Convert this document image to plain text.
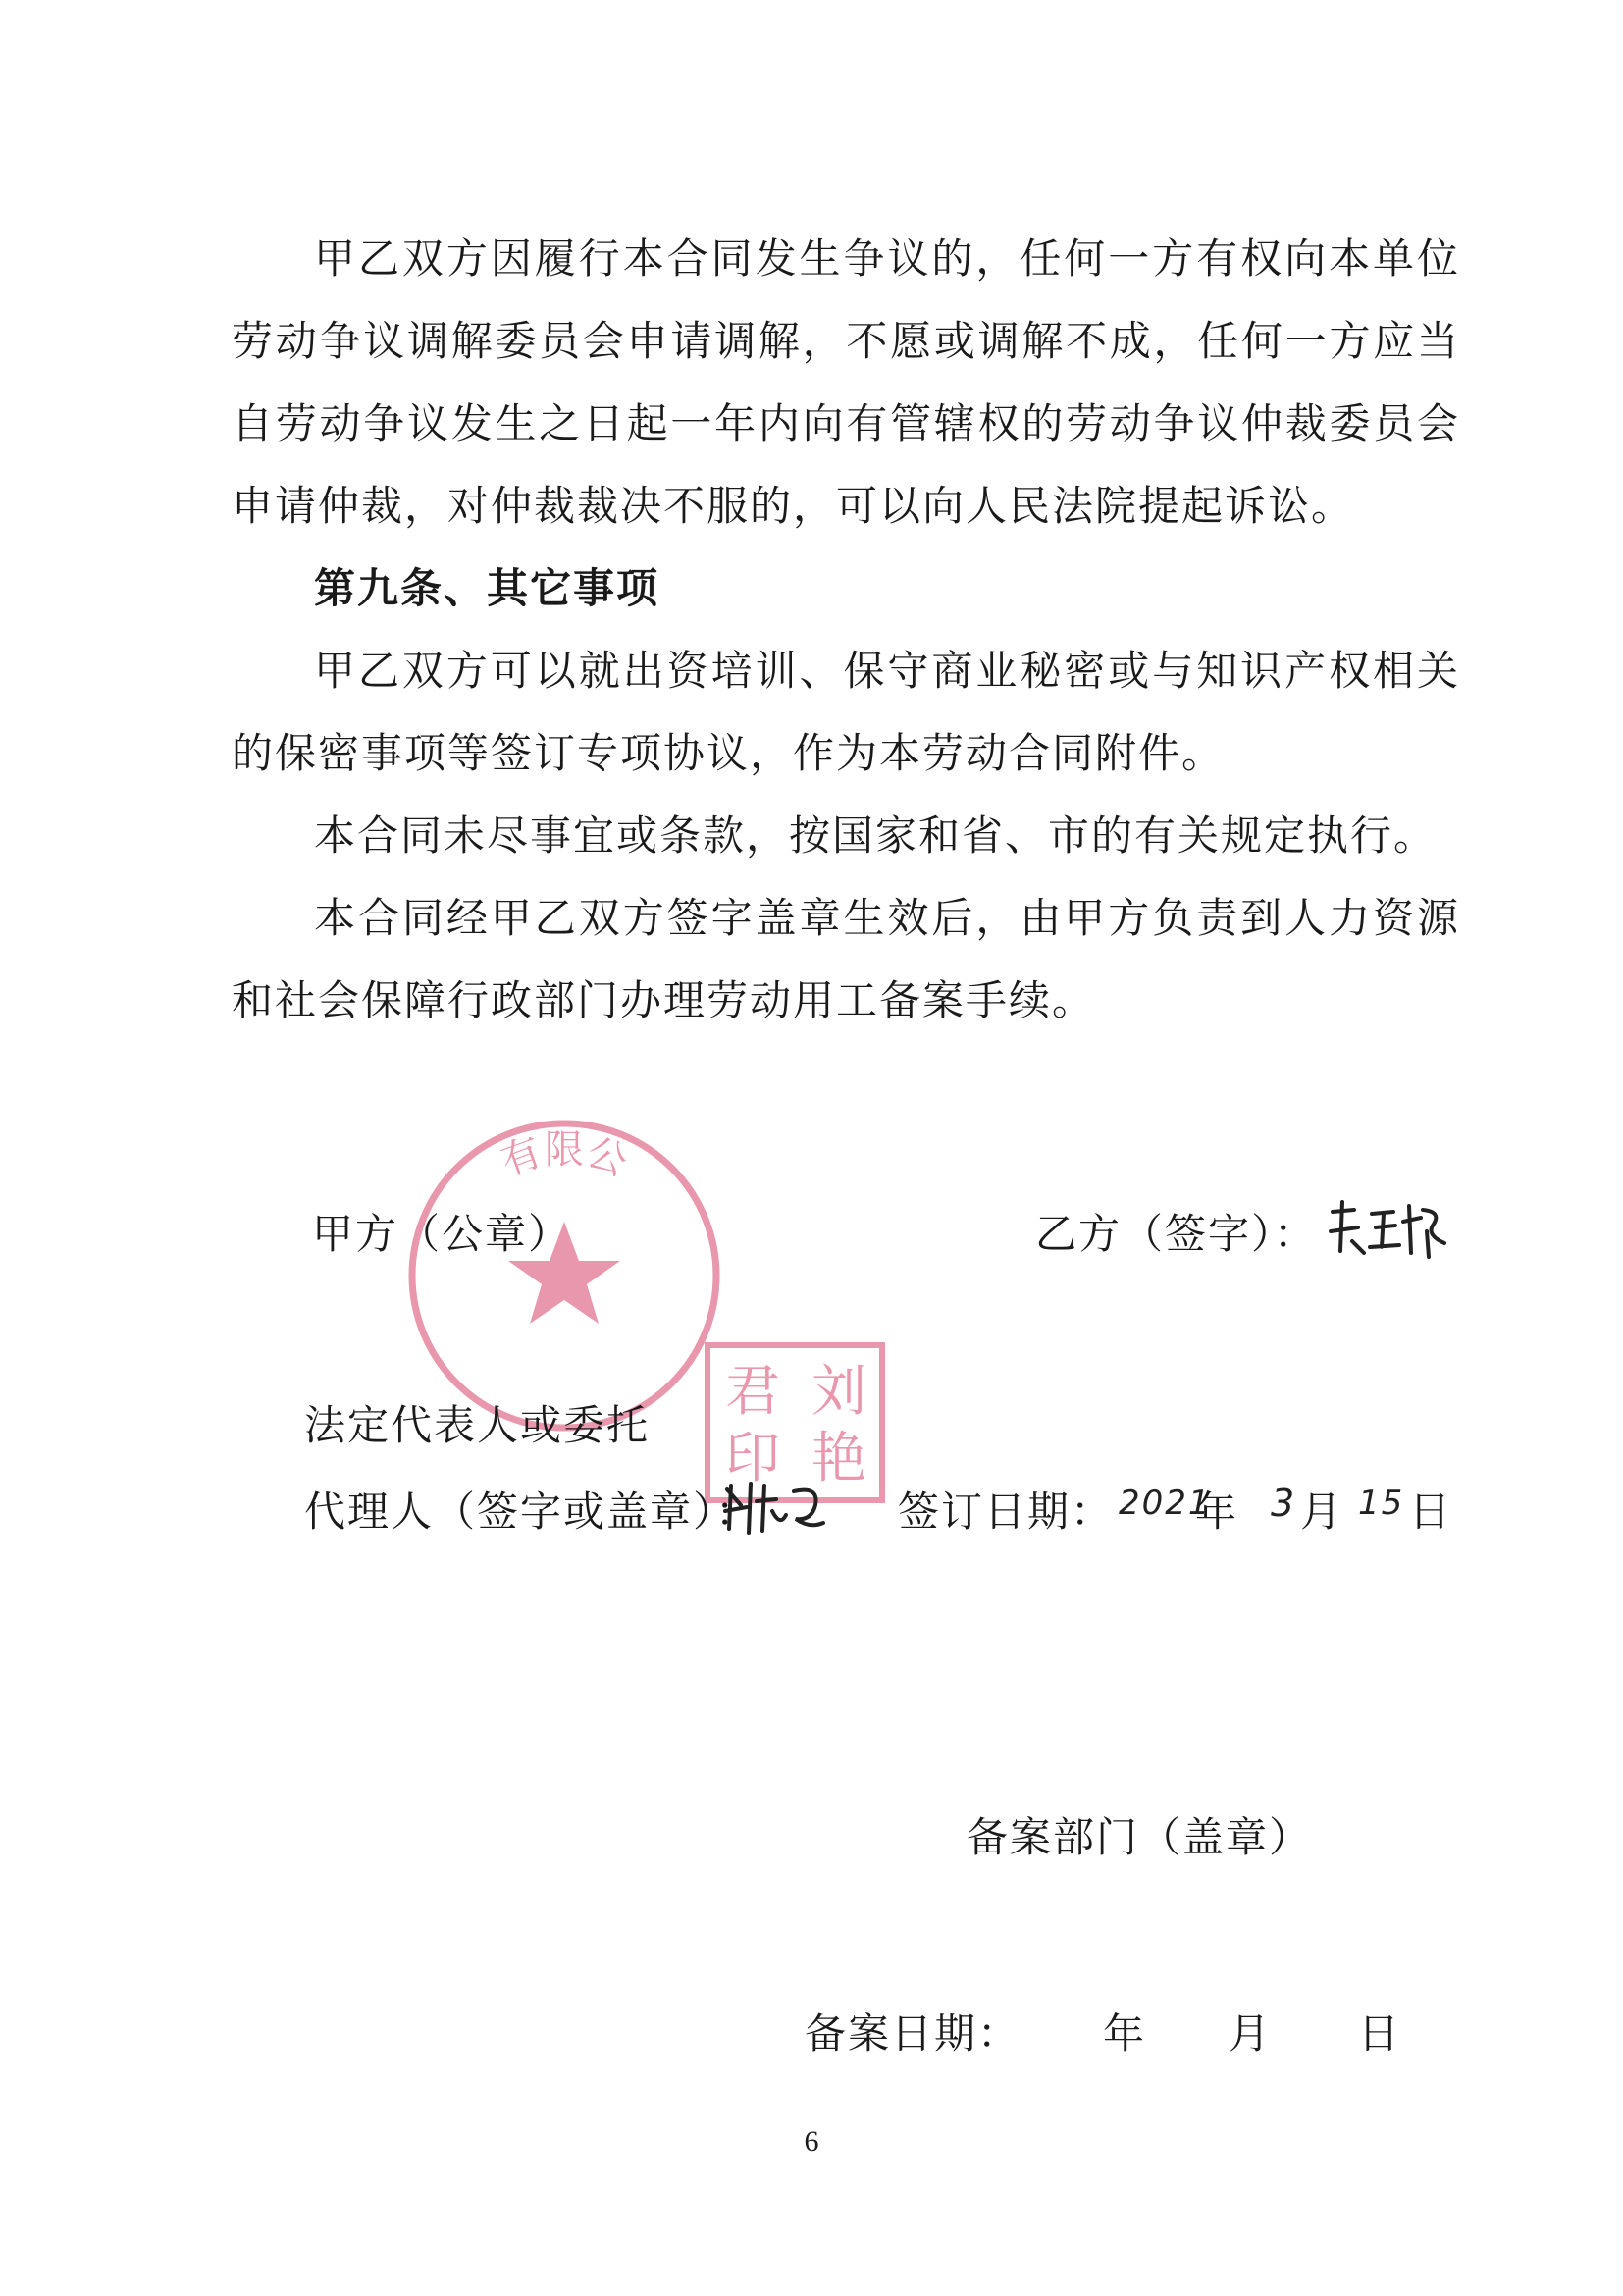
甲乙双方因履行本合同发生争议的，任何一方有权向本单位劳动争议调解委员会申请调解，不愿或调解不成，任何一方应当自劳动争议发生之日起一年内向有管辖权的劳动争议仲裁委员会申请仲裁，对仲裁裁决不服的，可以向人民法院提起诉讼。

第九条、其它事项

甲乙双方可以就出资培训、保守商业秘密或与知识产权相关的保密事项等签订专项协议，作为本劳动合同附件。

本合同未尽事宜或条款，按国家和省、市的有关规定执行。

本合同经甲乙双方签字盖章生效后，由甲方负责到人力资源和社会保障行政部门办理劳动用工备案手续。

有限公
刘
艳
君
印
甲方（公章）	乙方（签字）：
法定代表人或委托
代理人（签字或盖章）：	签订日期： 2021
年 3 月 15 日
备案部门（盖章）
备案日期： 年 月 日
6
